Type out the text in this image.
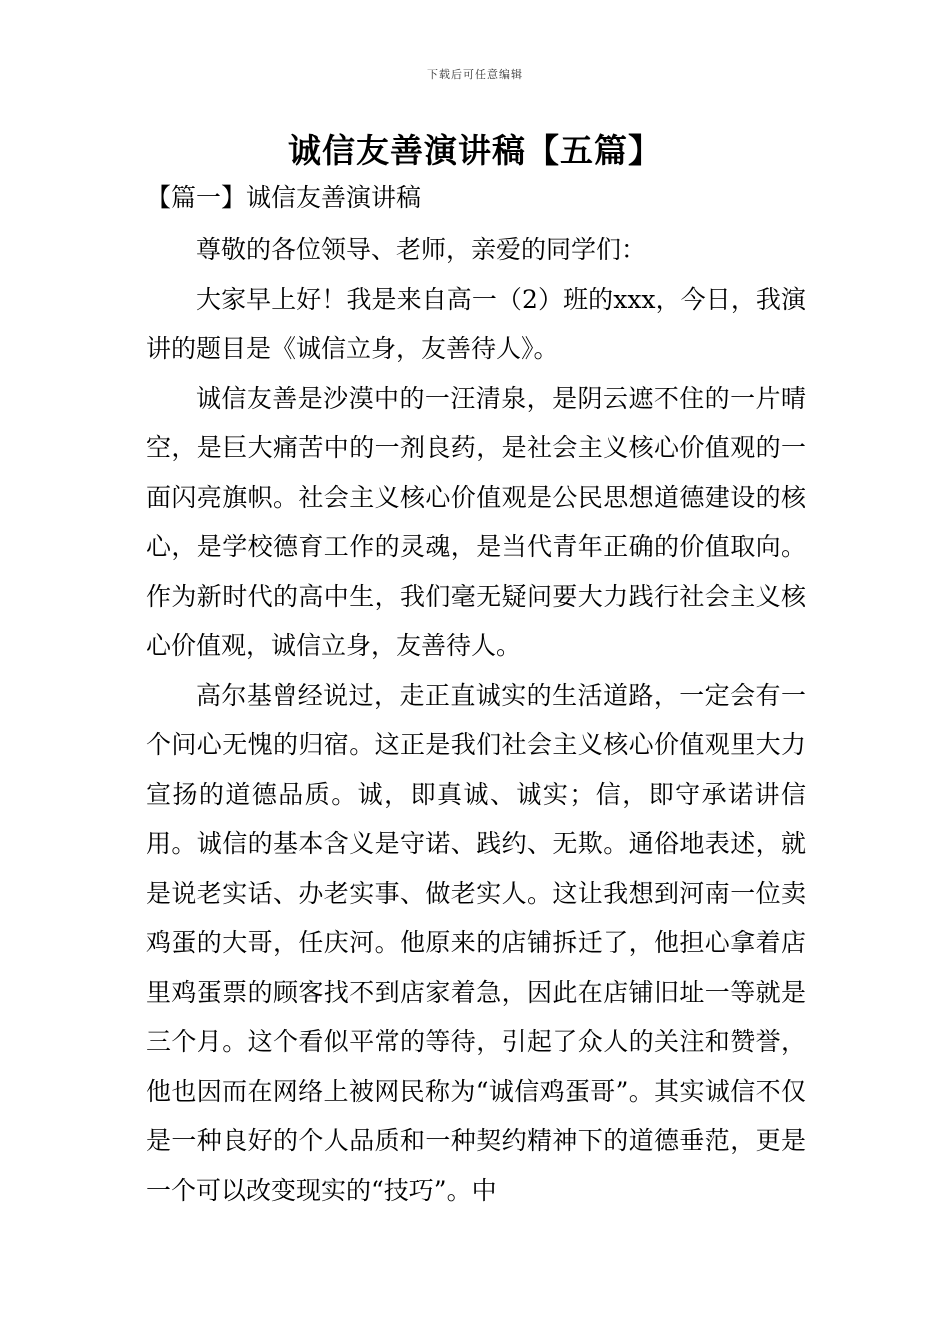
下载后可任意编辑
诚信友善演讲稿【五篇】
【篇一】诚信友善演讲稿

尊敬的各位领导、老师，亲爱的同学们：

大家早上好！我是来自高一（2）班的xxx，今日，我演讲的题目是《诚信立身，友善待人》。

诚信友善是沙漠中的一汪清泉，是阴云遮不住的一片晴空，是巨大痛苦中的一剂良药，是社会主义核心价值观的一面闪亮旗帜。社会主义核心价值观是公民思想道德建设的核心，是学校德育工作的灵魂，是当代青年正确的价值取向。作为新时代的高中生，我们毫无疑问要大力践行社会主义核心价值观，诚信立身，友善待人。

高尔基曾经说过，走正直诚实的生活道路，一定会有一个问心无愧的归宿。这正是我们社会主义核心价值观里大力宣扬的道德品质。诚，即真诚、诚实；信，即守承诺讲信用。诚信的基本含义是守诺、践约、无欺。通俗地表述，就是说老实话、办老实事、做老实人。这让我想到河南一位卖鸡蛋的大哥，任庆河。他原来的店铺拆迁了，他担心拿着店里鸡蛋票的顾客找不到店家着急，因此在店铺旧址一等就是三个月。这个看似平常的等待，引起了众人的关注和赞誉，他也因而在网络上被网民称为“诚信鸡蛋哥”。其实诚信不仅是一种良好的个人品质和一种契约精神下的道德垂范，更是一个可以改变现实的“技巧”。中
